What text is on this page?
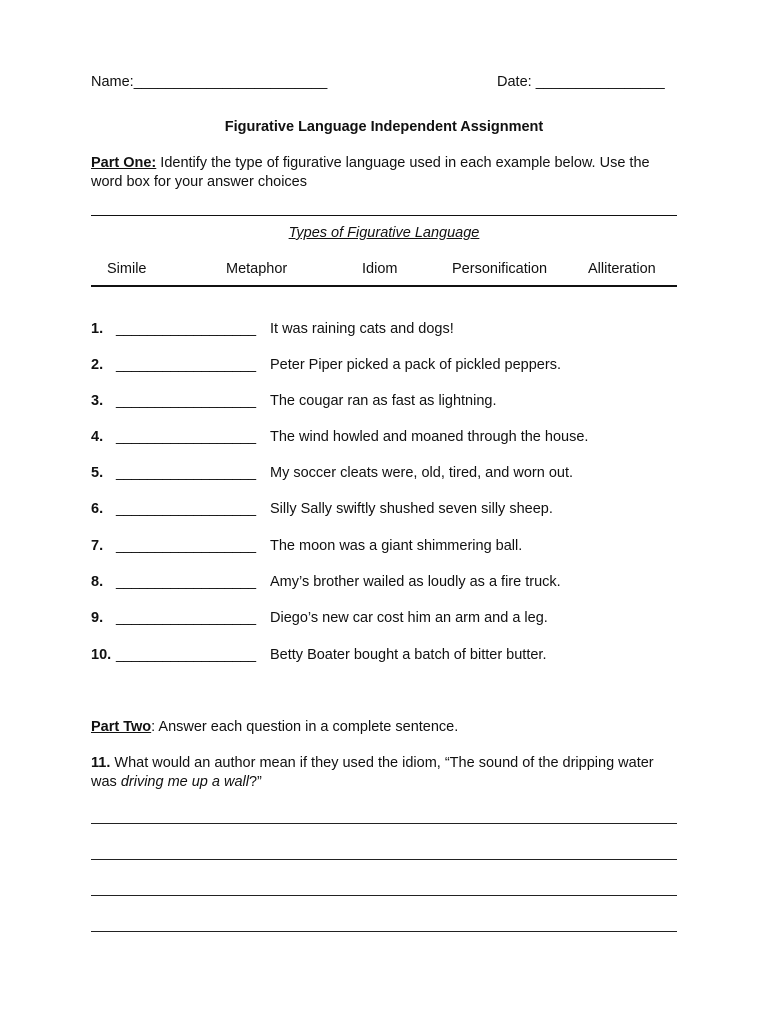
Name:________________________	Date: ________________
Figurative Language Independent Assignment
Part One: Identify the type of figurative language used in each example below. Use the word box for your answer choices
Types of Figurative Language
Simile	Metaphor	Idiom	Personification	Alliteration
1. __________________ It was raining cats and dogs!
2. __________________ Peter Piper picked a pack of pickled peppers.
3. __________________ The cougar ran as fast as lightning.
4. __________________ The wind howled and moaned through the house.
5. __________________ My soccer cleats were, old, tired, and worn out.
6. __________________ Silly Sally swiftly shushed seven silly sheep.
7. __________________ The moon was a giant shimmering ball.
8. __________________ Amy’s brother wailed as loudly as a fire truck.
9. __________________ Diego’s new car cost him an arm and a leg.
10. __________________ Betty Boater bought a batch of bitter butter.
Part Two: Answer each question in a complete sentence.
11. What would an author mean if they used the idiom, “The sound of the dripping water was driving me up a wall?”
